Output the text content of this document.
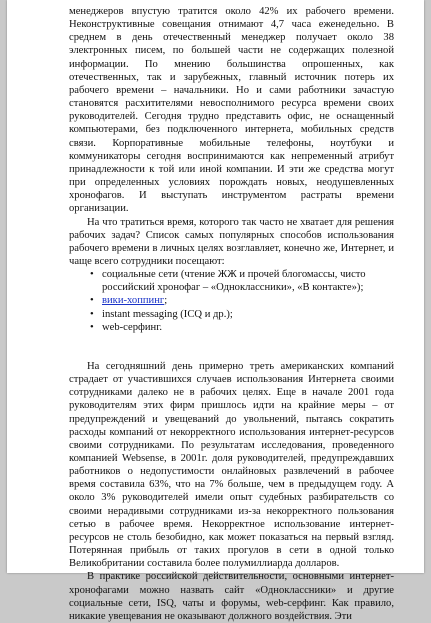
менеджеров впустую тратится около 42% их рабочего времени. Неконструктивные совещания отнимают 4,7 часа еженедельно. В среднем в день отечественный менеджер получает около 38 электронных писем, по большей части не содержащих полезной информации. По мнению большинства опрошенных, как отечественных, так и зарубежных, главный источник потерь их рабочего времени – начальники. Но и сами работники зачастую становятся расхитителями невосполнимого ресурса времени своих руководителей. Сегодня трудно представить офис, не оснащенный компьютерами, без подключенного интернета, мобильных средств связи. Корпоративные мобильные телефоны, ноутбуки и коммуникаторы сегодня воспринимаются как непременный атрибут принадлежности к той или иной компании. И эти же средства могут при определенных условиях порождать новых, неодушевленных хронофагов. И выступать инструментом растраты времени организации.

На что тратиться время, которого так часто не хватает для решения рабочих задач? Список самых популярных способов использования рабочего времени в личных целях возглавляет, конечно же, Интернет, и чаще всего сотрудники посещают:

• социальные сети (чтение ЖЖ и прочей блогомассы, чисто российский хронофаг – «Одноклассники», «В контакте»);
• вики-хоппинг;
• instant messaging (ICQ и др.);
• web-серфинг.

На сегодняшний день примерно треть американских компаний страдает от участившихся случаев использования Интернета своими сотрудниками далеко не в рабочих целях. Еще в начале 2001 года руководителям этих фирм пришлось идти на крайние меры – от предупреждений и увещеваний до увольнений, пытаясь сократить расходы компаний от некорректного использования интернет-ресурсов своими сотрудниками. По результатам исследования, проведенного компанией Websense, в 2001г. доля руководителей, предупреждавших работников о недопустимости онлайновых развлечений в рабочее время составила 63%, что на 7% больше, чем в предыдущем году. А около 3% руководителей имели опыт судебных разбирательств со своими нерадивыми сотрудниками из-за некорректного пользования сетью в рабочее время. Некорректное использование интернет-ресурсов не столь безобидно, как может показаться на первый взгляд. Потерянная прибыль от таких прогулов в сети в одной только Великобритании составила более полумиллиарда долларов.

В практике российской действительности, основными интернет-хронофагами можно назвать сайт «Одноклассники» и другие социальные сети, ISQ, чаты и форумы, web-серфинг. Как правило, никакие увещевания не оказывают должного воздействия. Эти
